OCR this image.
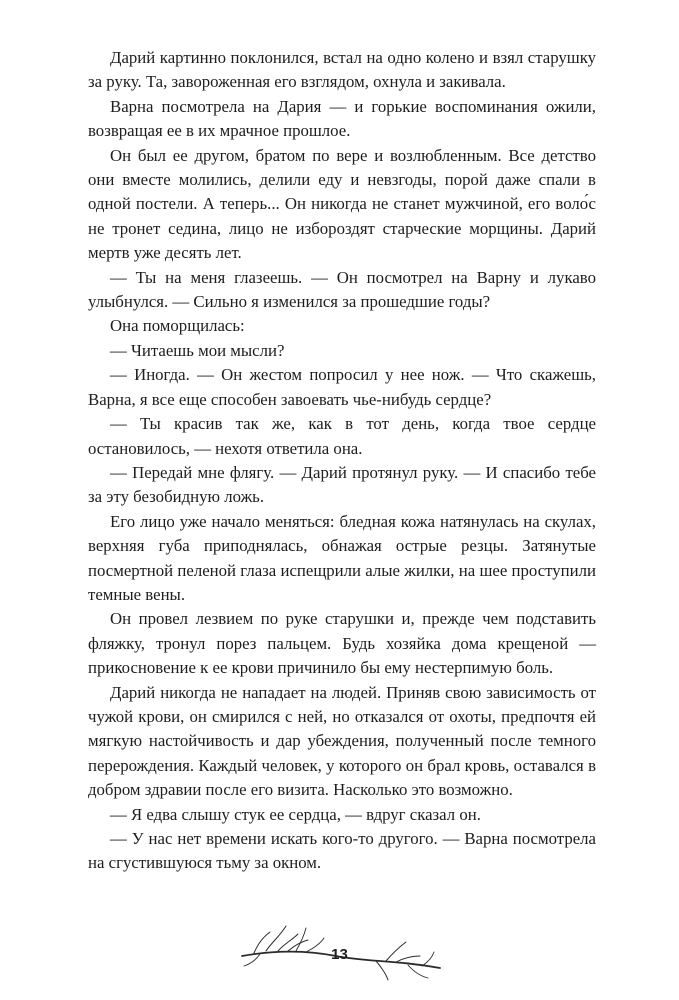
Дарий картинно поклонился, встал на одно колено и взял старушку за руку. Та, завороженная его взглядом, охнула и закивала.

Варна посмотрела на Дария — и горькие воспоминания ожили, возвращая ее в их мрачное прошлое.

Он был ее другом, братом по вере и возлюбленным. Все детство они вместе молились, делили еду и невзгоды, порой даже спали в одной постели. А теперь... Он никогда не станет мужчиной, его воло́с не тронет седина, лицо не избороздят старческие морщины. Дарий мертв уже десять лет.

— Ты на меня глазеешь. — Он посмотрел на Варну и лукаво улыбнулся. — Сильно я изменился за прошедшие годы?

Она поморщилась:

— Читаешь мои мысли?

— Иногда. — Он жестом попросил у нее нож. — Что скажешь, Варна, я все еще способен завоевать чье-нибудь сердце?

— Ты красив так же, как в тот день, когда твое сердце остановилось, — нехотя ответила она.

— Передай мне флягу. — Дарий протянул руку. — И спасибо тебе за эту безобидную ложь.

Его лицо уже начало меняться: бледная кожа натянулась на скулах, верхняя губа приподнялась, обнажая острые резцы. Затянутые посмертной пеленой глаза испещрили алые жилки, на шее проступили темные вены.

Он провел лезвием по руке старушки и, прежде чем подставить фляжку, тронул порез пальцем. Будь хозяйка дома крещеной — прикосновение к ее крови причинило бы ему нестерпимую боль.

Дарий никогда не нападает на людей. Приняв свою зависимость от чужой крови, он смирился с ней, но отказался от охоты, предпочтя ей мягкую настойчивость и дар убеждения, полученный после темного перерождения. Каждый человек, у которого он брал кровь, оставался в добром здравии после его визита. Насколько это возможно.

— Я едва слышу стук ее сердца, — вдруг сказал он.

— У нас нет времени искать кого-то другого. — Варна посмотрела на сгустившуюся тьму за окном.

13
